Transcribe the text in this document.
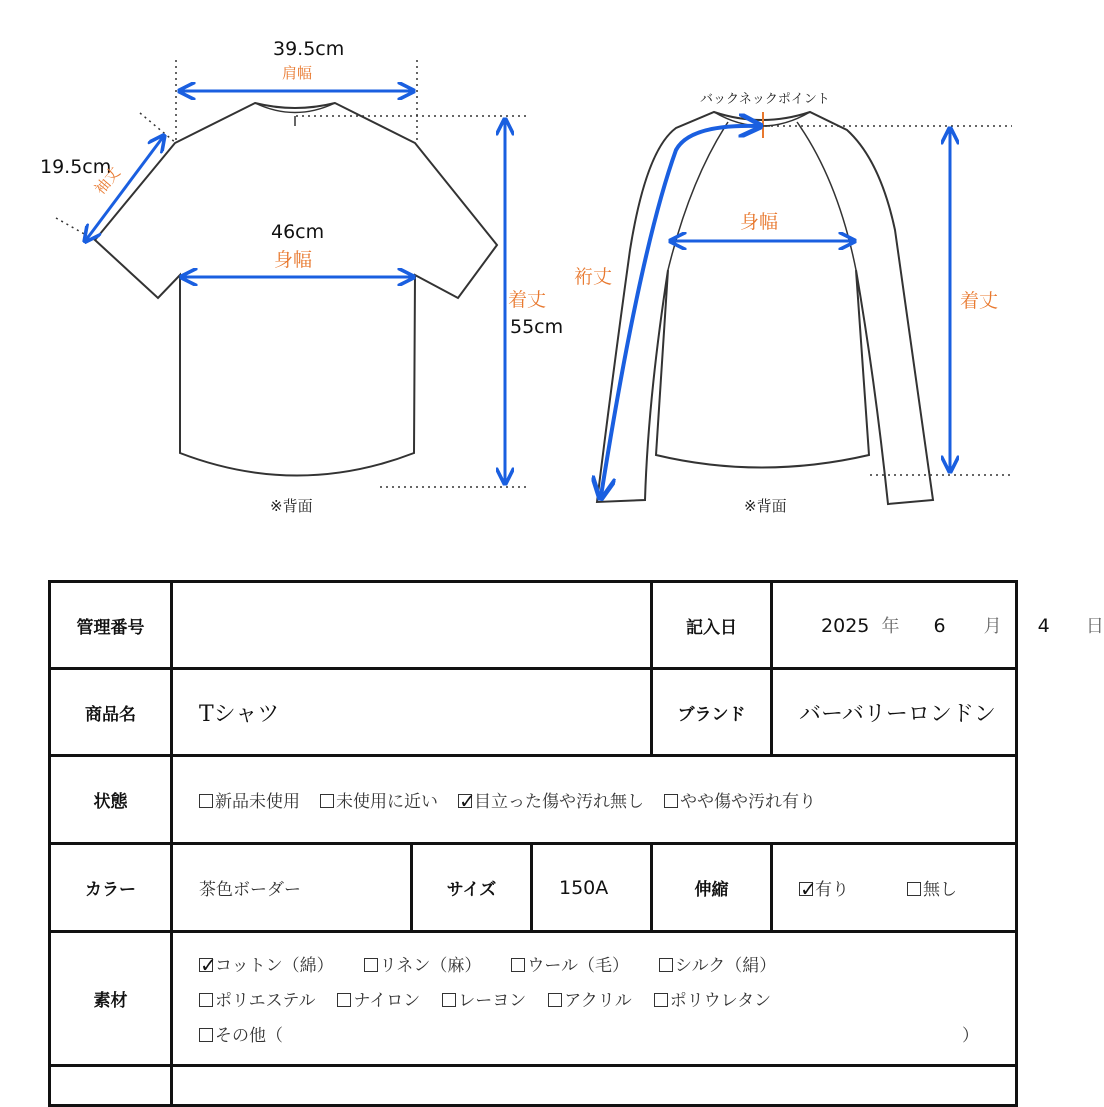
39.5cm
肩幅
19.5cm
袖丈
46cm
身幅
着丈
55cm
※背面
バックネックポイント
身幅
裄丈
着丈
※背面
管理番号				記入日	2025 年 6 月 4 日

商品名	Tシャツ			ブランド	バーバリーロンドン
状態	新品未使用 未使用に近い ✓
目立った傷や汚れ無し やや傷や汚れ有り				

カラー	茶色ボーダー	サイズ	150A	伸縮	✓
有り 無し

素材	✓
コットン（綿） リネン（麻） ウール（毛） シルク（絹）
ポリエステル ナイロン レーヨン アクリル ポリウレタン
その他（ ）				
